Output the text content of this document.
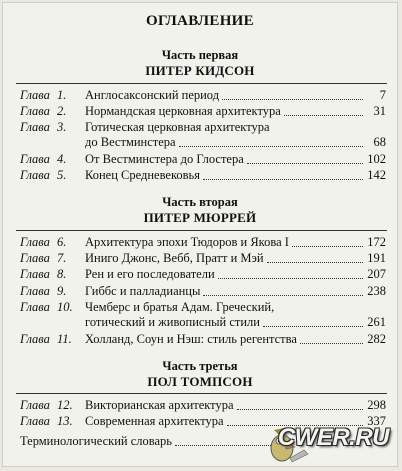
ОГЛАВЛЕНИЕ
Часть первая
ПИТЕР КИДСОН
Глава 1.	Англосаксонский период	7
Глава 2.	Нормандская церковная архитектура	31
Глава 3.	Готическая церковная архитектура
до Вестминстера	68
Глава 4.	От Вестминстера до Глостера	102
Глава 5.	Конец Средневековья	142
Часть вторая
ПИТЕР МЮРРЕЙ
Глава 6.	Архитектура эпохи Тюдоров и Якова I	172
Глава 7.	Иниго Джонс, Вебб, Пратт и Мэй	191
Глава 8.	Рен и его последователи	207
Глава 9.	Гиббс и палладианцы	238
Глава 10. Чемберс и братья Адам. Греческий,
готический и живописный стили	261
Глава 11.	Холланд, Соун и Нэш: стиль регентства	282
Часть третья
ПОЛ ТОМПСОН
Глава 12. Викторианская архитектура	298
Глава 13. Современная архитектура	337
Терминологический словарь	CWER.RU
